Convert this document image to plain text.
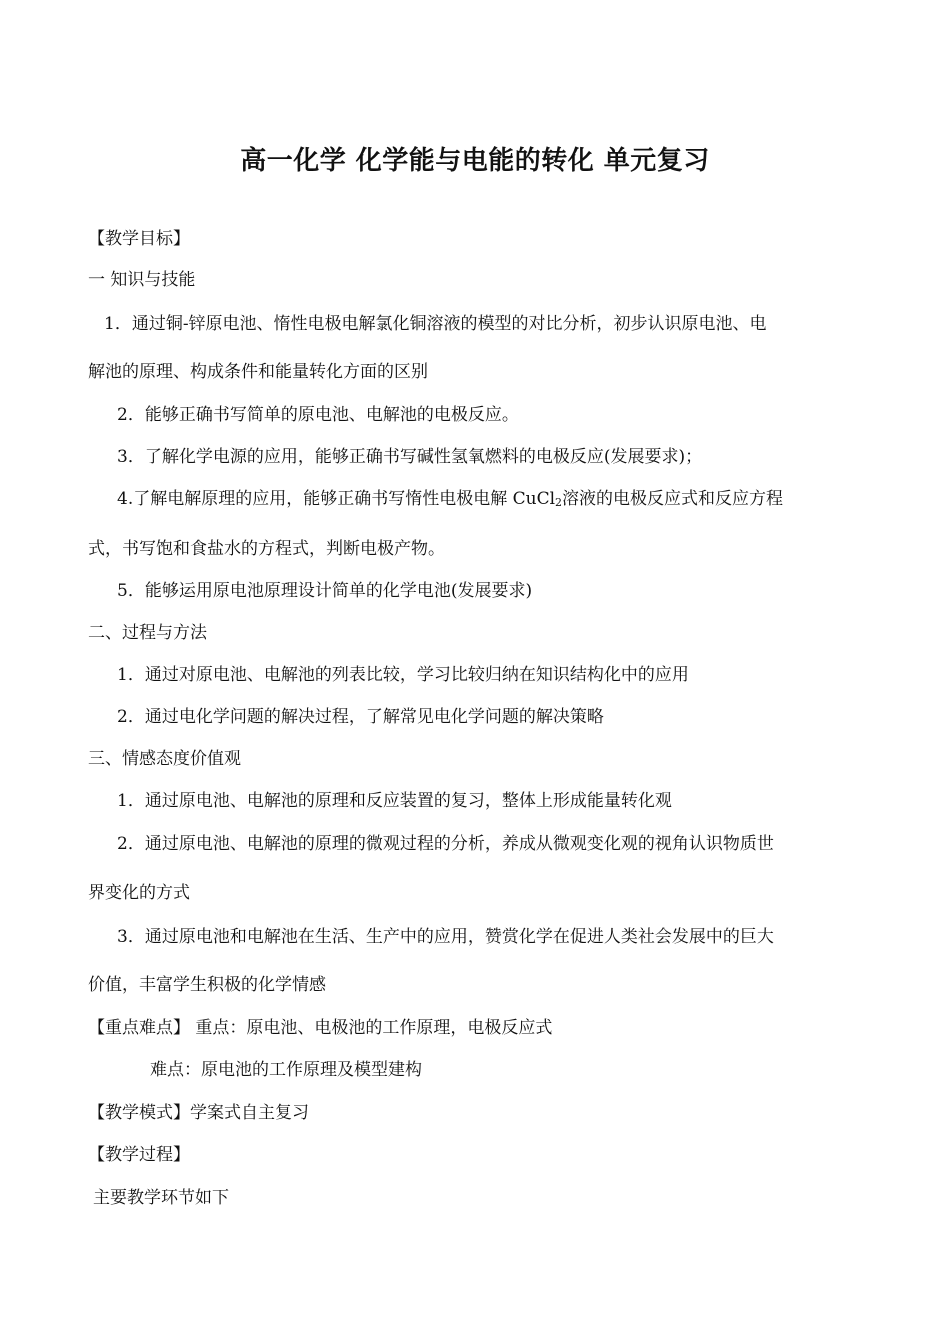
高一化学 化学能与电能的转化 单元复习
【教学目标】
一 知识与技能
1．通过铜-锌原电池、惰性电极电解氯化铜溶液的模型的对比分析，初步认识原电池、电
解池的原理、构成条件和能量转化方面的区别
2．能够正确书写简单的原电池、电解池的电极反应。
3．了解化学电源的应用，能够正确书写碱性氢氧燃料的电极反应(发展要求)；
4.了解电解原理的应用，能够正确书写惰性电极电解 CuCl$_2$溶液的电极反应式和反应方程
式，书写饱和食盐水的方程式，判断电极产物。
5．能够运用原电池原理设计简单的化学电池(发展要求)
二、过程与方法
1．通过对原电池、电解池的列表比较，学习比较归纳在知识结构化中的应用
2．通过电化学问题的解决过程，了解常见电化学问题的解决策略
三、情感态度价值观
1．通过原电池、电解池的原理和反应装置的复习，整体上形成能量转化观
2．通过原电池、电解池的原理的微观过程的分析，养成从微观变化观的视角认识物质世
界变化的方式
3．通过原电池和电解池在生活、生产中的应用，赞赏化学在促进人类社会发展中的巨大
价值，丰富学生积极的化学情感
【重点难点】 重点：原电池、电极池的工作原理，电极反应式
难点：原电池的工作原理及模型建构
【教学模式】学案式自主复习
【教学过程】
主要教学环节如下
